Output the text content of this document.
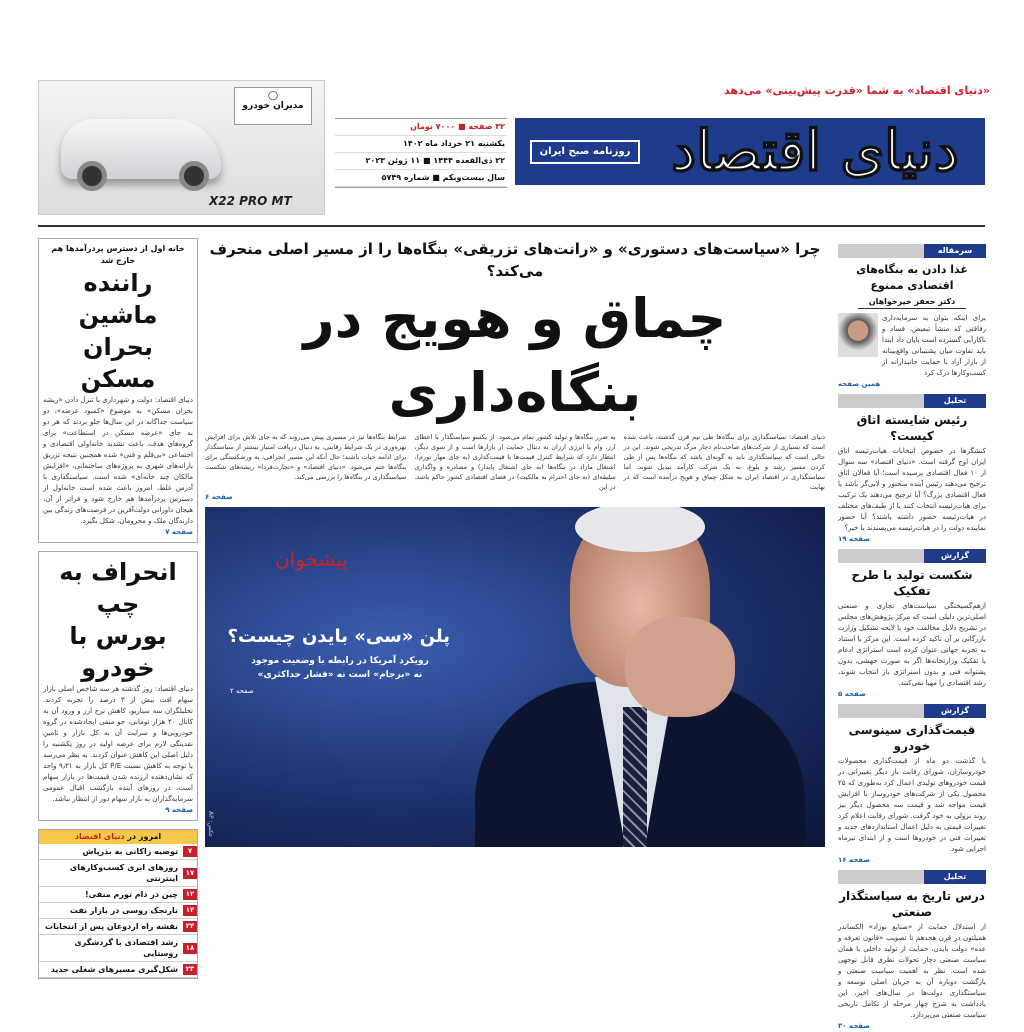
◯
مدیران خودرو
X22 PRO MT
«دنیای اقتصاد» به شما «قدرت پیش‌بینی» می‌دهد
دنیای اقتصاد
روزنامه صبح ایران
۳۲ صفحه ■ ۷۰۰۰ تومان
یکشنبه ۲۱ خرداد ماه ۱۴۰۲
۲۲ ذی‌القعده ۱۴۴۴ ■ ۱۱ ژوئن ۲۰۲۳
سال بیست‌ویکم ■ شماره ۵۷۴۹
خانه اول از دسترس پردرآمدها هم خارج شد
راننده ماشین
بحران مسکن
دنیای اقتصاد: دولت و شهرداری با تنزل دادن «ریشه بحران مسکن» به موضوع «کمبود عرضه»، دو سیاست جداگانه در این سال‌ها جلو بردند که هر دو به جای «عرضه مسکن در استطاعت» برای گروه‌های هدف، باعث تشدید خانه‌اولی اقتصادی و اجتماعی «بی‌قلم و فنی» شده همچنین نتیجه تزریق یارانه‌های شهری به پروژه‌های ساختمانی، «افزایش مالکان چند خانه‌ای» شده است. سیاستگذاری با آدرس غلط، امروز باعث شده است خانه‌اول از دسترس پردرآمدها هم خارج شود و فراتر از آن، هیجان داورانی دولت‌آفرین در فرصت‌های زندگی بین دارندگان ملک و محرومان، شکل بگیرد.
صفحه ۷
انحراف به چپ
بورس با خودرو
دنیای اقتصاد: روز گذشته هر سه شاخص اصلی بازار سهام افت بیش از ۳ درصد را تجربه کردند. تحلیلگران سه سناریو، کاهش نرخ ارز و ورود آن به کانال ۴۰ هزار تومانی، جو منفی ایجادشده در گروه خودرویی‌ها و سرایت آن به کل بازار و تامین نقدینگی لازم برای عرضه اولیه در روز یکشنبه را دلیل اصلی این کاهش عنوان کردند. به نظر می‌رسد با توجه به کاهش نسبت P/E کل بازار به ۹٫۳۱ واحد که نشان‌دهنده ارزنده شدن قیمت‌ها در بازار سهام است، در روزهای آینده بازگشت اقبال عمومی سرمایه‌گذاران به بازار سهام دور از انتظار نباشد.
صفحه ۹
امروز در دنیای اقتصاد
۷
توصیه زاکانی به بذرپاش
۱۷
روزهای ابری کسب‌وکارهای اینترنتی
۱۲
چین در دام تورم منفی!
۱۴
نارنجک روسی در بازار نفت
۲۴
نقشه راه اردوغان پس از انتخابات
۱۸
رشد اقتصادی با گردشگری روستایی
۲۳
شکل‌گیری مسیرهای شغلی جدید
چرا «سیاست‌های دستوری» و «رانت‌های تزریقی» بنگاه‌ها را از مسیر اصلی منحرف می‌کند؟
چماق و هویج در بنگاه‌داری
دنیای اقتصاد: سیاستگذاری برای بنگاه‌ها طی نیم قرن گذشته، باعث شده است که بسیاری از شرکت‌های صاحب‌نام دچار مرگ تدریجی شوند. این در حالی است که سیاستگذاری باید به گونه‌ای باشد که بنگاه‌ها پس از طی کردن مسیر رشد و بلوغ، به یک شرکت کارآمد تبدیل شوند. اما سیاستگذاری در اقتصاد ایران به شکل چماق و هویج درآمده است که در نهایت
به ضرر بنگاه‌ها و تولید کشور تمام می‌شود. از یکسو سیاستگذار با اعطای ارز، وام یا انرژی ارزان به دنبال حمایت از بازارها است و از سوی دیگر، انتظار دارد که شرایط کنترل قیمت‌ها با قیمت‌گذاری (به جای مهار تورم)، اشتغال مازاد در بنگاه‌ها (به جای اشتغال پایدار) و مصادره و واگذاری سلیقه‌ای (به جای احترام به مالکیت) در فضای اقتصادی کشور حاکم باشد. در این
شرایط بنگاه‌ها نیز در مسیری پیش می‌روند که به جای تلاش برای افزایش بهره‌وری در یک شرایط رقابتی، به دنبال دریافت امتیاز بیشتر از سیاستگذار برای ادامه حیات باشند؛ حال آنکه این مسیر انحرافی، به ورشکستگی برای بنگاه‌ها ختم می‌شود. «دنیای اقتصاد» و «تجارت‌فردا» ریشه‌های شکست سیاستگذاری در بنگاه‌ها را بررسی می‌کند.
صفحه ۶
پیشخوان
پلن «سی» بایدن چیست؟
رویکرد آمریکا در رابطه با وضعیت موجود
نه «برجام» است نه «فشار حداکثری»
صفحه ۲
عکس: AP
سرمقاله
غذا دادن به بنگاه‌های اقتصادی ممنوع
دکتر جعفر خیرخواهان
برای اینکه بتوان به سرمایه‌داری رفاقتی که منشأ تبعیض، فساد و ناکارآیی گسترده است پایان داد ابتدا باید تفاوت میان پشتیبانی واقع‌بینانه از بازار آزاد با حمایت جانبدارانه از کسب‌وکارها درک کرد
همین صفحه
تحلیل
رئیس شایسته اتاق کیست؟
کنشگرها در خصوص انتخابات هیات‌رئیسه اتاق ایران اوج گرفته است. «دنیای اقتصاد» سه سوال از ۱۰ فعال اقتصادی پرسیده است؛ آیا فعالان اتاق ترجیح می‌دهند رئیس آینده سخنور و لابی‌گر باشد یا فعال اقتصادی بزرگ؟ آیا ترجیح می‌دهند یک ترکیب برای هیات‌رئیسه انتخاب کنند یا از طیف‌های مختلف در هیات‌رئیسه حضور داشته باشند؟ آیا حضور نماینده دولت را در هیات‌رئیسه می‌پسندند یا خیر؟
صفحه ۱۹
گزارش
شکست تولید با طرح تفکیک
ازهم‌گسیختگی سیاست‌های تجاری و صنعتی اصلی‌ترین دلیلی است که مرکز پژوهش‌های مجلس در تشریح دلایل مخالفت خود با لایحه تشکیل وزارت بازرگانی بر آن تاکید کرده است. این مرکز با استناد به تجربه جهانی عنوان کرده است استراتژی ادغام یا تفکیک وزارتخانه‌ها اگر به صورت جهشی، بدون پشتوانه فنی و بدون استراتژی باز انتخاب شوند، رشد اقتصادی را مهیا نمی‌کنند.
صفحه ۵
گزارش
قیمت‌گذاری سینوسی خودرو
با گذشت دو ماه از قیمت‌گذاری محصولات خودروسازان، شورای رقابت باز دیگر تغییراتی در قیمت خودروهای تولیدی اعمال کرد به‌طوری که ۲۵ محصول یکی از شرکت‌های خودروساز با افزایش قیمت مواجه شد و قیمت سه محصول دیگر نیز روند نزولی به خود گرفت. شورای رقابت اعلام کرد تغییرات قیمتی به دلیل اعمال استانداردهای جدید و تغییرات فنی در خودروها است و از ابتدای تیرماه اجرایی شود.
صفحه ۱۶
تحلیل
درس تاریخ به سیاستگذار صنعتی
از استدلال حمایت از «صنایع نوزاد» الکساندر همیلتون در قرن هجدهم تا تصویب «قانون تعرفه و عده» دولت بایدن، حمایت از تولید داخلی با همان سیاست صنعتی دچار تحولات نظری قابل توجهی شده است. نظر به اهمیت سیاست صنعتی و بازگشت دوباره آن به جریان اصلی توسعه و سیاستگذاری دولت‌ها در سال‌های اخیر، این یادداشت به شرح چهار مرحله از تکامل تاریخی سیاست صنعتی می‌پردازد.
صفحه ۳۰
